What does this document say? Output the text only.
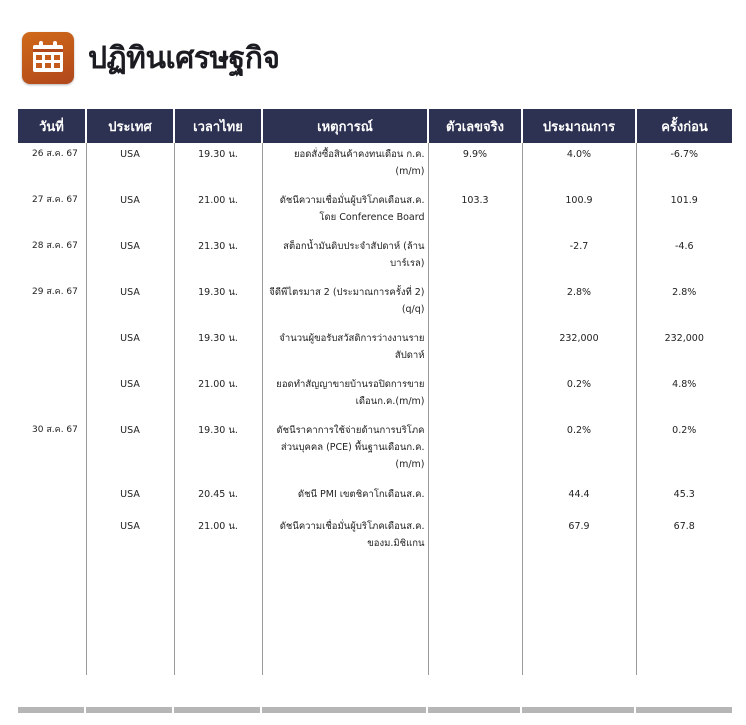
ปฏิทินเศรษฐกิจ
วันที่	ประเทศ	เวลาไทย	เหตุการณ์	ตัวเลขจริง	ประมาณการ	ครั้งก่อน
26 ส.ค. 67	USA	19.30 น.	ยอดสั่งซื้อสินค้าคงทนเดือน ก.ค.(m/m)	9.9%	4.0%	-6.7%
27 ส.ค. 67	USA	21.00 น.	ดัชนีความเชื่อมั่นผู้บริโภคเดือนส.ค. โดย Conference Board	103.3	100.9	101.9
28 ส.ค. 67	USA	21.30 น.	สต็อกน้ำมันดิบประจำสัปดาห์ (ล้านบาร์เรล)		-2.7	-4.6
29 ส.ค. 67	USA	19.30 น.	จีดีพีไตรมาส 2 (ประมาณการครั้งที่ 2) (q/q)		2.8%	2.8%
	USA	19.30 น.	จำนวนผู้ขอรับสวัสดิการว่างงานรายสัปดาห์		232,000	232,000
	USA	21.00 น.	ยอดทำสัญญาขายบ้านรอปิดการขายเดือนก.ค.(m/m)		0.2%	4.8%
30 ส.ค. 67	USA	19.30 น.	ดัชนีราคาการใช้จ่ายด้านการบริโภคส่วนบุคคล (PCE) พื้นฐานเดือนก.ค. (m/m)		0.2%	0.2%
	USA	20.45 น.	ดัชนี PMI เขตชิคาโกเดือนส.ค.		44.4	45.3
	USA	21.00 น.	ดัชนีความเชื่อมั่นผู้บริโภคเดือนส.ค. ของม.มิชิแกน		67.9	67.8
